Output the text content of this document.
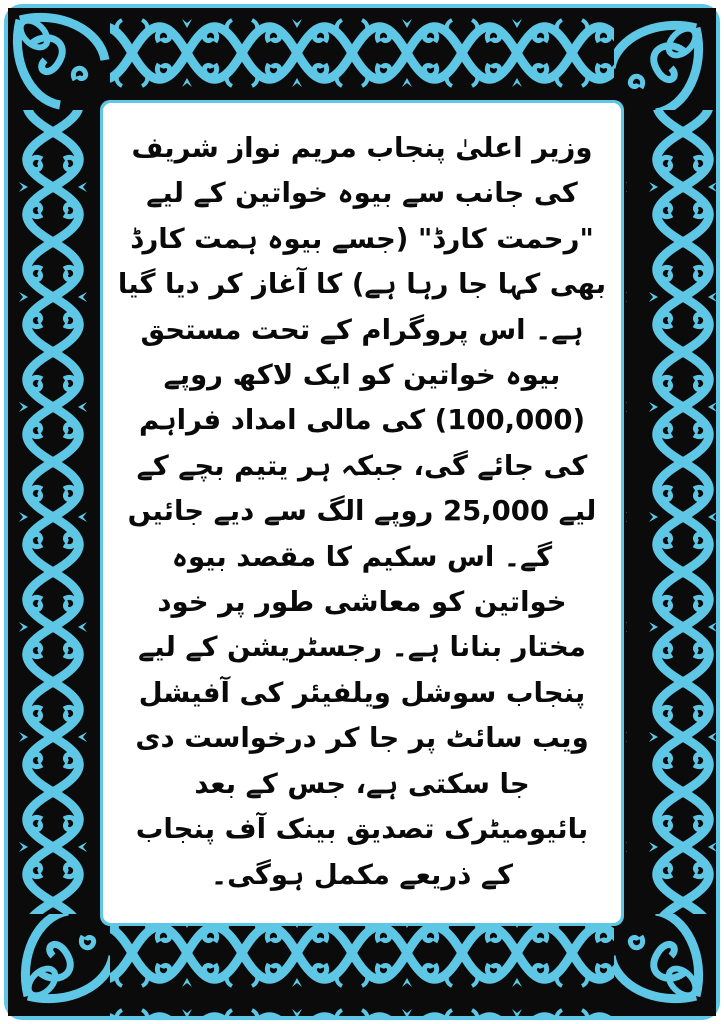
وزیر اعلیٰ پنجاب مریم نواز شریف
کی جانب سے بیوہ خواتین کے لیے
"رحمت کارڈ" (جسے بیوہ ہمت کارڈ
بھی کہا جا رہا ہے) کا آغاز کر دیا گیا
ہے۔ اس پروگرام کے تحت مستحق
بیوہ خواتین کو ایک لاکھ روپے
(100,000) کی مالی امداد فراہم
کی جائے گی، جبکہ ہر یتیم بچے کے
لیے 25,000 روپے الگ سے دیے جائیں
گے۔ اس سکیم کا مقصد بیوہ
خواتین کو معاشی طور پر خود
مختار بنانا ہے۔ رجسٹریشن کے لیے
پنجاب سوشل ویلفیئر کی آفیشل
ویب سائٹ پر جا کر درخواست دی
جا سکتی ہے، جس کے بعد
بائیومیٹرک تصدیق بینک آف پنجاب
کے ذریعے مکمل ہوگی۔
